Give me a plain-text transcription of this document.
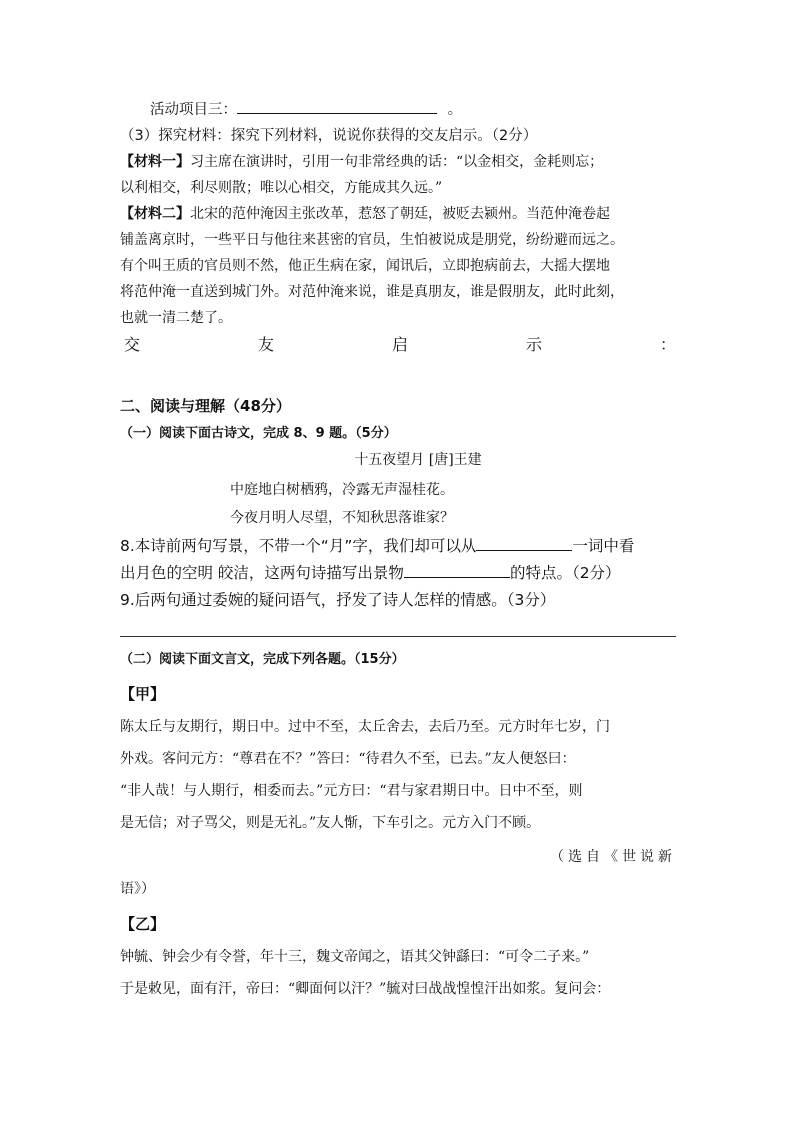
活动项目三：	。
（3）探究材料：探究下列材料，说说你获得的交友启示。（2分）
【材料一】习主席在演讲时，引用一句非常经典的话：“以金相交，金耗则忘；
以利相交，利尽则散；唯以心相交，方能成其久远。”
【材料二】北宋的范仲淹因主张改革，惹怒了朝廷，被贬去颍州。当范仲淹卷起
铺盖离京时，一些平日与他往来甚密的官员，生怕被说成是朋党，纷纷避而远之。
有个叫王质的官员则不然，他正生病在家，闻讯后，立即抱病前去，大摇大摆地
将范仲淹一直送到城门外。对范仲淹来说，谁是真朋友，谁是假朋友，此时此刻，
也就一清二楚了。
交	友	启	示	：
二、阅读与理解（48分）
（一）阅读下面古诗文，完成 8、9 题。（5分）
十五夜望月 [唐]王建
中庭地白树栖鸦，冷露无声湿桂花。
今夜月明人尽望，不知秋思落谁家？
8.本诗前两句写景，不带一个“月”字，我们却可以从	一词中看
出月色的空明 皎洁，这两句诗描写出景物	的特点。（2分）
9.后两句通过委婉的疑问语气，抒发了诗人怎样的情感。（3分）
（二）阅读下面文言文，完成下列各题。（15分）
【甲】
陈太丘与友期行，期日中。过中不至，太丘舍去，去后乃至。元方时年七岁，门
外戏。客问元方：“尊君在不？”答曰：“待君久不至，已去。”友人便怒曰：
“非人哉！与人期行，相委而去。”元方曰：“君与家君期日中。日中不至，则
是无信；对子骂父，则是无礼。”友人惭，下车引之。元方入门不顾。
（选自《世说新
语》）
【乙】
钟毓、钟会少有令誉，年十三，魏文帝闻之，语其父钟繇曰：“可令二子来。”
于是敕见，面有汗，帝曰：“卿面何以汗？”毓对曰战战惶惶汗出如浆。复问会：
